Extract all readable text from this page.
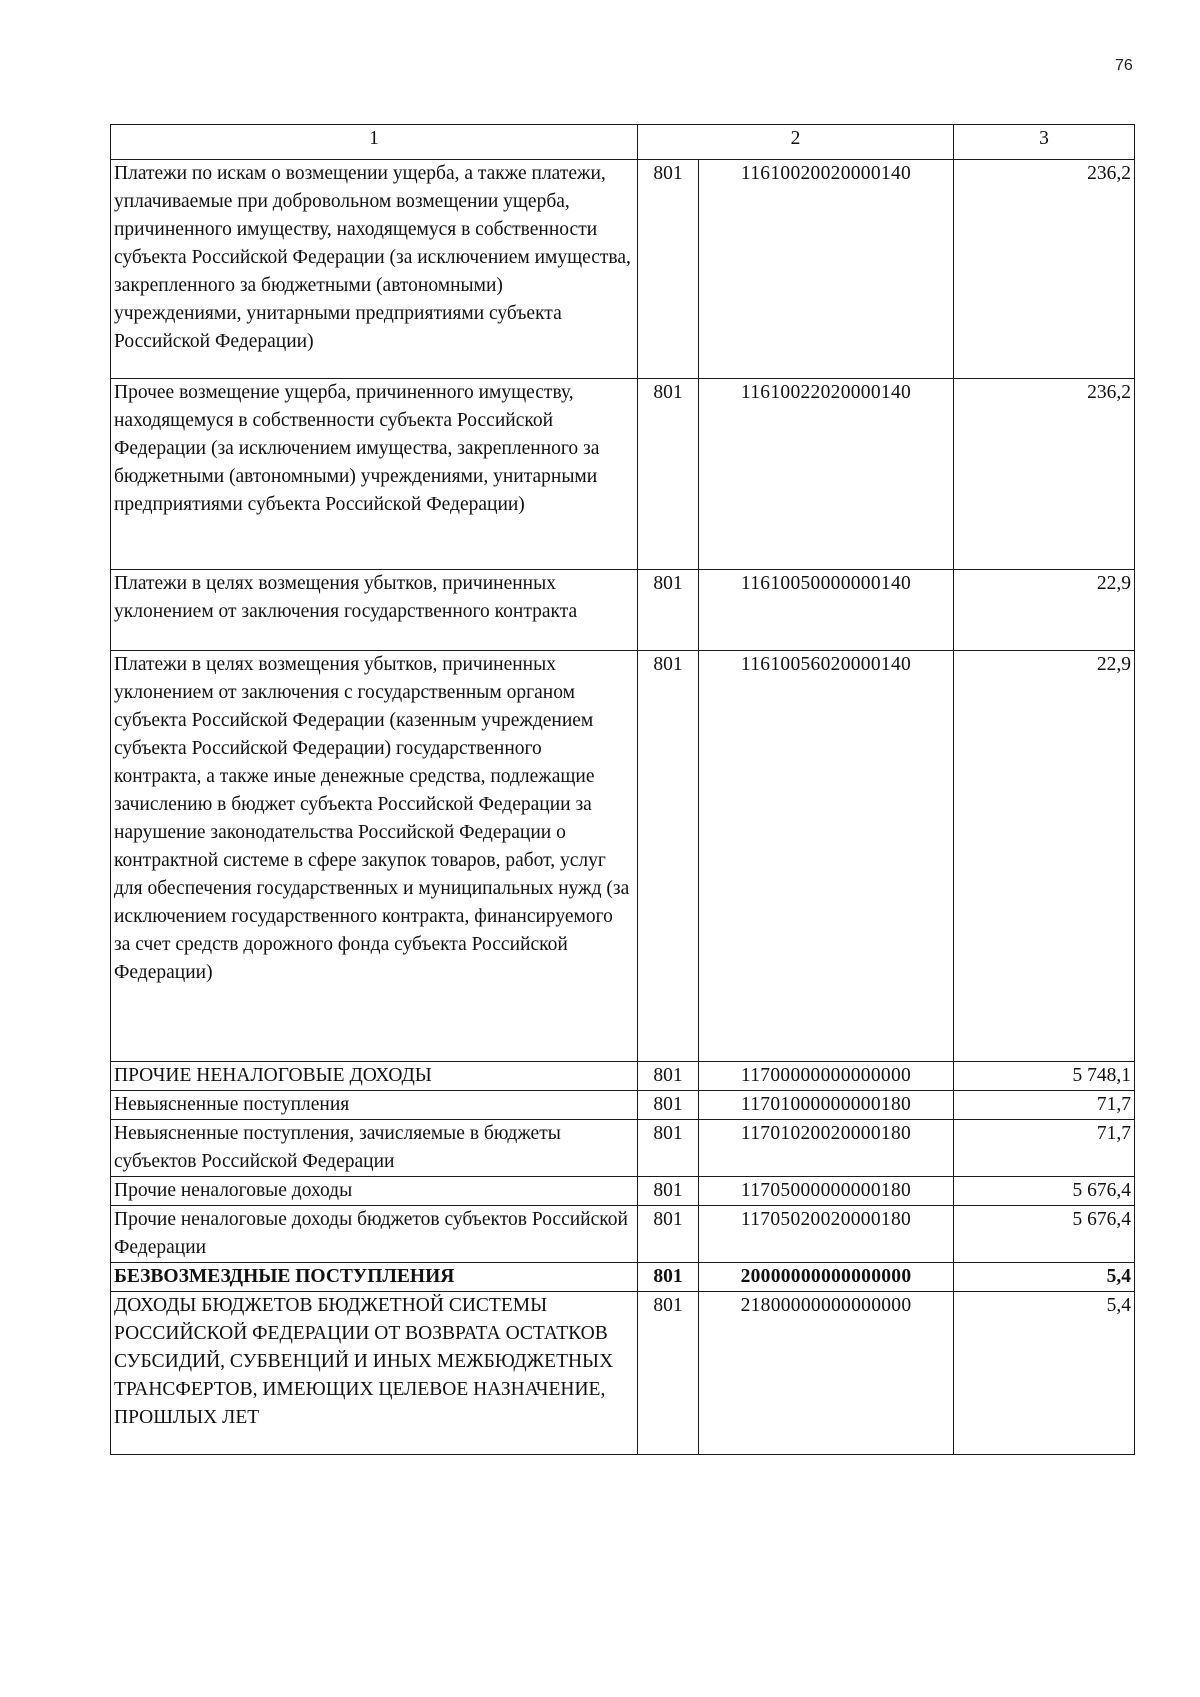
76
1	2		3
Платежи по искам о возмещении ущерба, а также платежи, уплачиваемые при добровольном возмещении ущерба, причиненного имуществу, находящемуся в собственности субъекта Российской Федерации (за исключением имущества, закрепленного за бюджетными (автономными) учреждениями, унитарными предприятиями субъекта Российской Федерации)	801	11610020020000140	236,2
Прочее возмещение ущерба, причиненного имуществу, находящемуся в собственности субъекта Российской Федерации (за исключением имущества, закрепленного за бюджетными (автономными) учреждениями, унитарными предприятиями субъекта Российской Федерации)	801	11610022020000140	236,2
Платежи в целях возмещения убытков, причиненных уклонением от заключения государственного контракта	801	11610050000000140	22,9
Платежи в целях возмещения убытков, причиненных уклонением от заключения с государственным органом субъекта Российской Федерации (казенным учреждением субъекта Российской Федерации) государственного контракта, а также иные денежные средства, подлежащие зачислению в бюджет субъекта Российской Федерации за нарушение законодательства Российской Федерации о контрактной системе в сфере закупок товаров, работ, услуг для обеспечения государственных и муниципальных нужд (за исключением государственного контракта, финансируемого за счет средств дорожного фонда субъекта Российской Федерации)	801	11610056020000140	22,9
ПРОЧИЕ НЕНАЛОГОВЫЕ ДОХОДЫ	801	11700000000000000	5 748,1
Невыясненные поступления	801	11701000000000180	71,7
Невыясненные поступления, зачисляемые в бюджеты субъектов Российской Федерации	801	11701020020000180	71,7
Прочие неналоговые доходы	801	11705000000000180	5 676,4
Прочие неналоговые доходы бюджетов субъектов Российской Федерации	801	11705020020000180	5 676,4
БЕЗВОЗМЕЗДНЫЕ ПОСТУПЛЕНИЯ	801	20000000000000000	5,4
ДОХОДЫ БЮДЖЕТОВ БЮДЖЕТНОЙ СИСТЕМЫ РОССИЙСКОЙ ФЕДЕРАЦИИ ОТ ВОЗВРАТА ОСТАТКОВ СУБСИДИЙ, СУБВЕНЦИЙ И ИНЫХ МЕЖБЮДЖЕТНЫХ ТРАНСФЕРТОВ, ИМЕЮЩИХ ЦЕЛЕВОЕ НАЗНАЧЕНИЕ, ПРОШЛЫХ ЛЕТ	801	21800000000000000	5,4
